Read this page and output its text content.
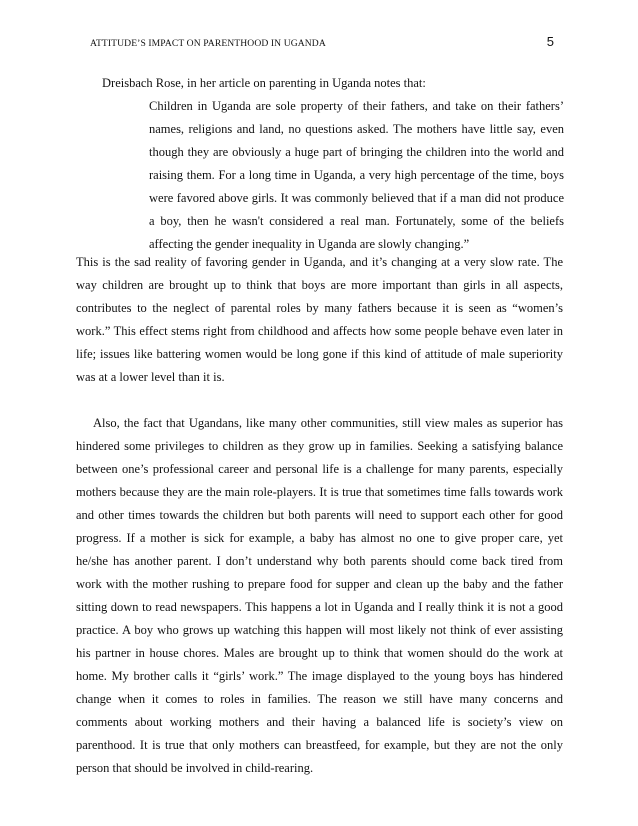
ATTITUDE’S IMPACT ON PARENTHOOD IN UGANDA	5
Dreisbach Rose, in her article on parenting in Uganda notes that:
Children in Uganda are sole property of their fathers, and take on their fathers’
names, religions and land, no questions asked. The mothers have little say, even
though they are obviously a huge part of bringing the children into the world and
raising them. For a long time in Uganda, a very high percentage of the time, boys
were favored above girls. It was commonly believed that if a man did not produce
a boy, then he wasn't considered a real man. Fortunately, some of the beliefs
affecting the gender inequality in Uganda are slowly changing.”
This is the sad reality of favoring gender in Uganda, and it’s changing at a very slow rate. The
way children are brought up to think that boys are more important than girls in all aspects,
contributes to the neglect of parental roles by many fathers because it is seen as “women’s
work.” This effect stems right from childhood and affects how some people behave even later in
life; issues like battering women would be long gone if this kind of attitude of male superiority
was at a lower level than it is.
Also, the fact that Ugandans, like many other communities, still view males as superior has
hindered some privileges to children as they grow up in families. Seeking a satisfying balance
between one’s professional career and personal life is a challenge for many parents, especially
mothers because they are the main role-players. It is true that sometimes time falls towards work
and other times towards the children but both parents will need to support each other for good
progress. If a mother is sick for example, a baby has almost no one to give proper care, yet
he/she has another parent. I don’t understand why both parents should come back tired from
work with the mother rushing to prepare food for supper and clean up the baby and the father
sitting down to read newspapers. This happens a lot in Uganda and I really think it is not a good
practice. A boy who grows up watching this happen will most likely not think of ever assisting
his partner in house chores. Males are brought up to think that women should do the work at
home. My brother calls it “girls’ work.” The image displayed to the young boys has hindered
change when it comes to roles in families. The reason we still have many concerns and
comments about working mothers and their having a balanced life is society’s view on
parenthood. It is true that only mothers can breastfeed, for example, but they are not the only
person that should be involved in child-rearing.
